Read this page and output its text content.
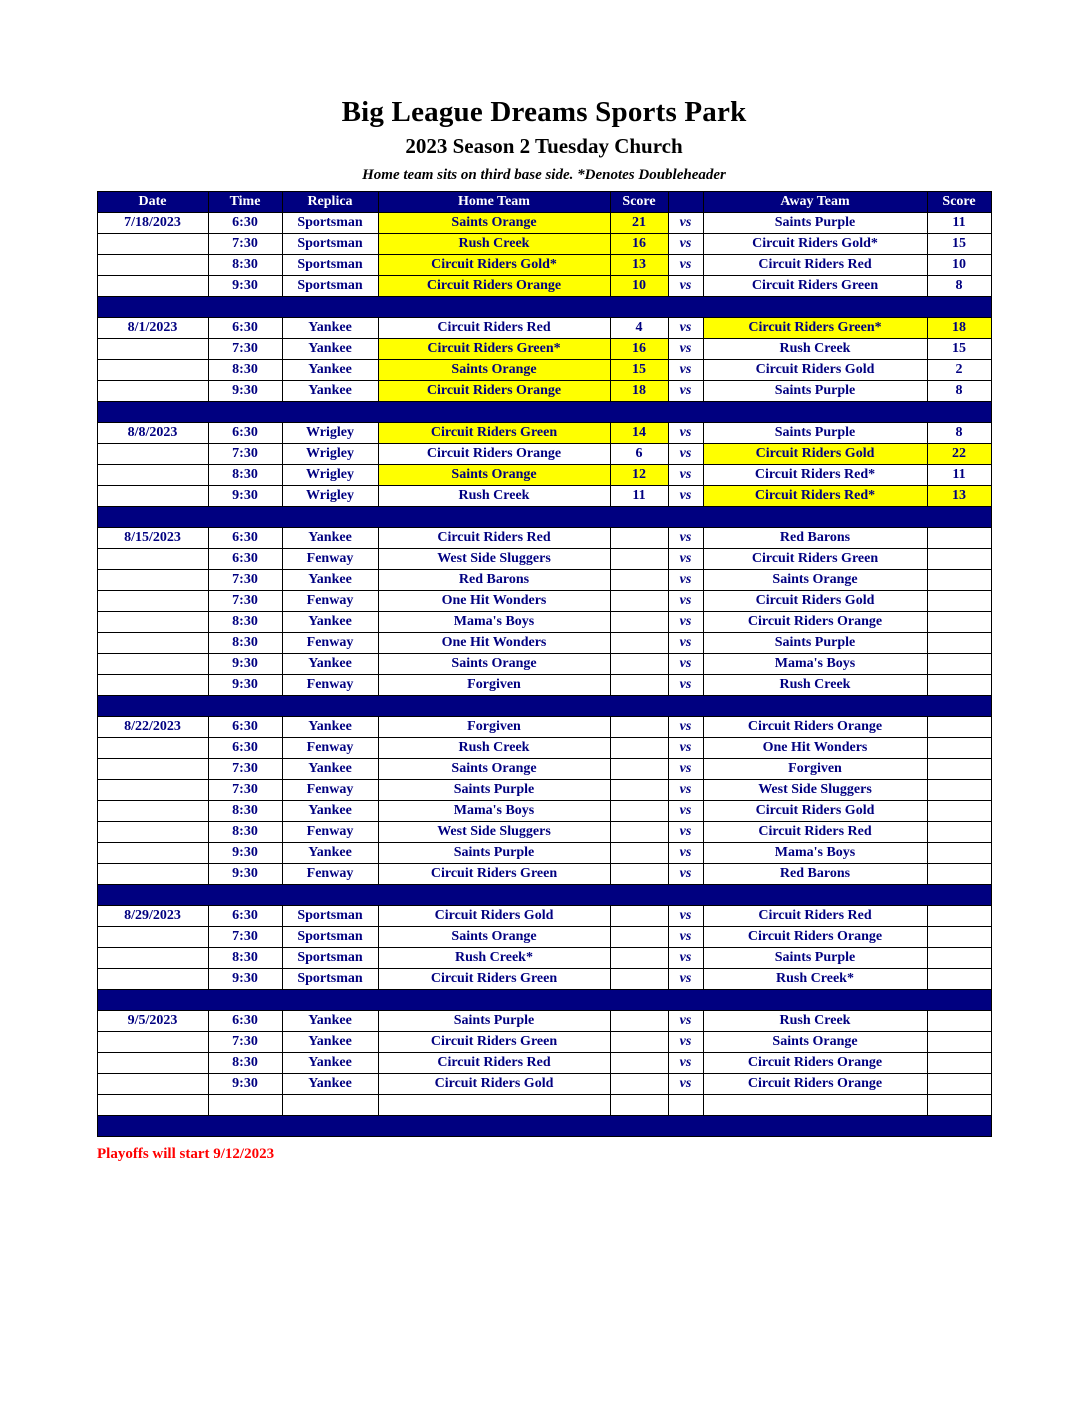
Big League Dreams Sports Park
2023 Season 2 Tuesday Church
Home team sits on third base side. *Denotes Doubleheader
Date	Time	Replica	Home Team	Score		Away Team	Score
7/18/2023	6:30	Sportsman	Saints Orange	21	vs	Saints Purple	11
	7:30	Sportsman	Rush Creek	16	vs	Circuit Riders Gold*	15
	8:30	Sportsman	Circuit Riders Gold*	13	vs	Circuit Riders Red	10
	9:30	Sportsman	Circuit Riders Orange	10	vs	Circuit Riders Green	8

8/1/2023	6:30	Yankee	Circuit Riders Red	4	vs	Circuit Riders Green*	18
	7:30	Yankee	Circuit Riders Green*	16	vs	Rush Creek	15
	8:30	Yankee	Saints Orange	15	vs	Circuit Riders Gold	2
	9:30	Yankee	Circuit Riders Orange	18	vs	Saints Purple	8

8/8/2023	6:30	Wrigley	Circuit Riders Green	14	vs	Saints Purple	8
	7:30	Wrigley	Circuit Riders Orange	6	vs	Circuit Riders Gold	22
	8:30	Wrigley	Saints Orange	12	vs	Circuit Riders Red*	11
	9:30	Wrigley	Rush Creek	11	vs	Circuit Riders Red*	13

8/15/2023	6:30	Yankee	Circuit Riders Red		vs	Red Barons	
	6:30	Fenway	West Side Sluggers		vs	Circuit Riders Green	
	7:30	Yankee	Red Barons		vs	Saints Orange	
	7:30	Fenway	One Hit Wonders		vs	Circuit Riders Gold	
	8:30	Yankee	Mama's Boys		vs	Circuit Riders Orange	
	8:30	Fenway	One Hit Wonders		vs	Saints Purple	
	9:30	Yankee	Saints Orange		vs	Mama's Boys	
	9:30	Fenway	Forgiven		vs	Rush Creek	

8/22/2023	6:30	Yankee	Forgiven		vs	Circuit Riders Orange	
	6:30	Fenway	Rush Creek		vs	One Hit Wonders	
	7:30	Yankee	Saints Orange		vs	Forgiven	
	7:30	Fenway	Saints Purple		vs	West Side Sluggers	
	8:30	Yankee	Mama's Boys		vs	Circuit Riders Gold	
	8:30	Fenway	West Side Sluggers		vs	Circuit Riders Red	
	9:30	Yankee	Saints Purple		vs	Mama's Boys	
	9:30	Fenway	Circuit Riders Green		vs	Red Barons	

8/29/2023	6:30	Sportsman	Circuit Riders Gold		vs	Circuit Riders Red	
	7:30	Sportsman	Saints Orange		vs	Circuit Riders Orange	
	8:30	Sportsman	Rush Creek*		vs	Saints Purple	
	9:30	Sportsman	Circuit Riders Green		vs	Rush Creek*	

9/5/2023	6:30	Yankee	Saints Purple		vs	Rush Creek	
	7:30	Yankee	Circuit Riders Green		vs	Saints Orange	
	8:30	Yankee	Circuit Riders Red		vs	Circuit Riders Orange	
	9:30	Yankee	Circuit Riders Gold		vs	Circuit Riders Orange	

Playoffs will start 9/12/2023
